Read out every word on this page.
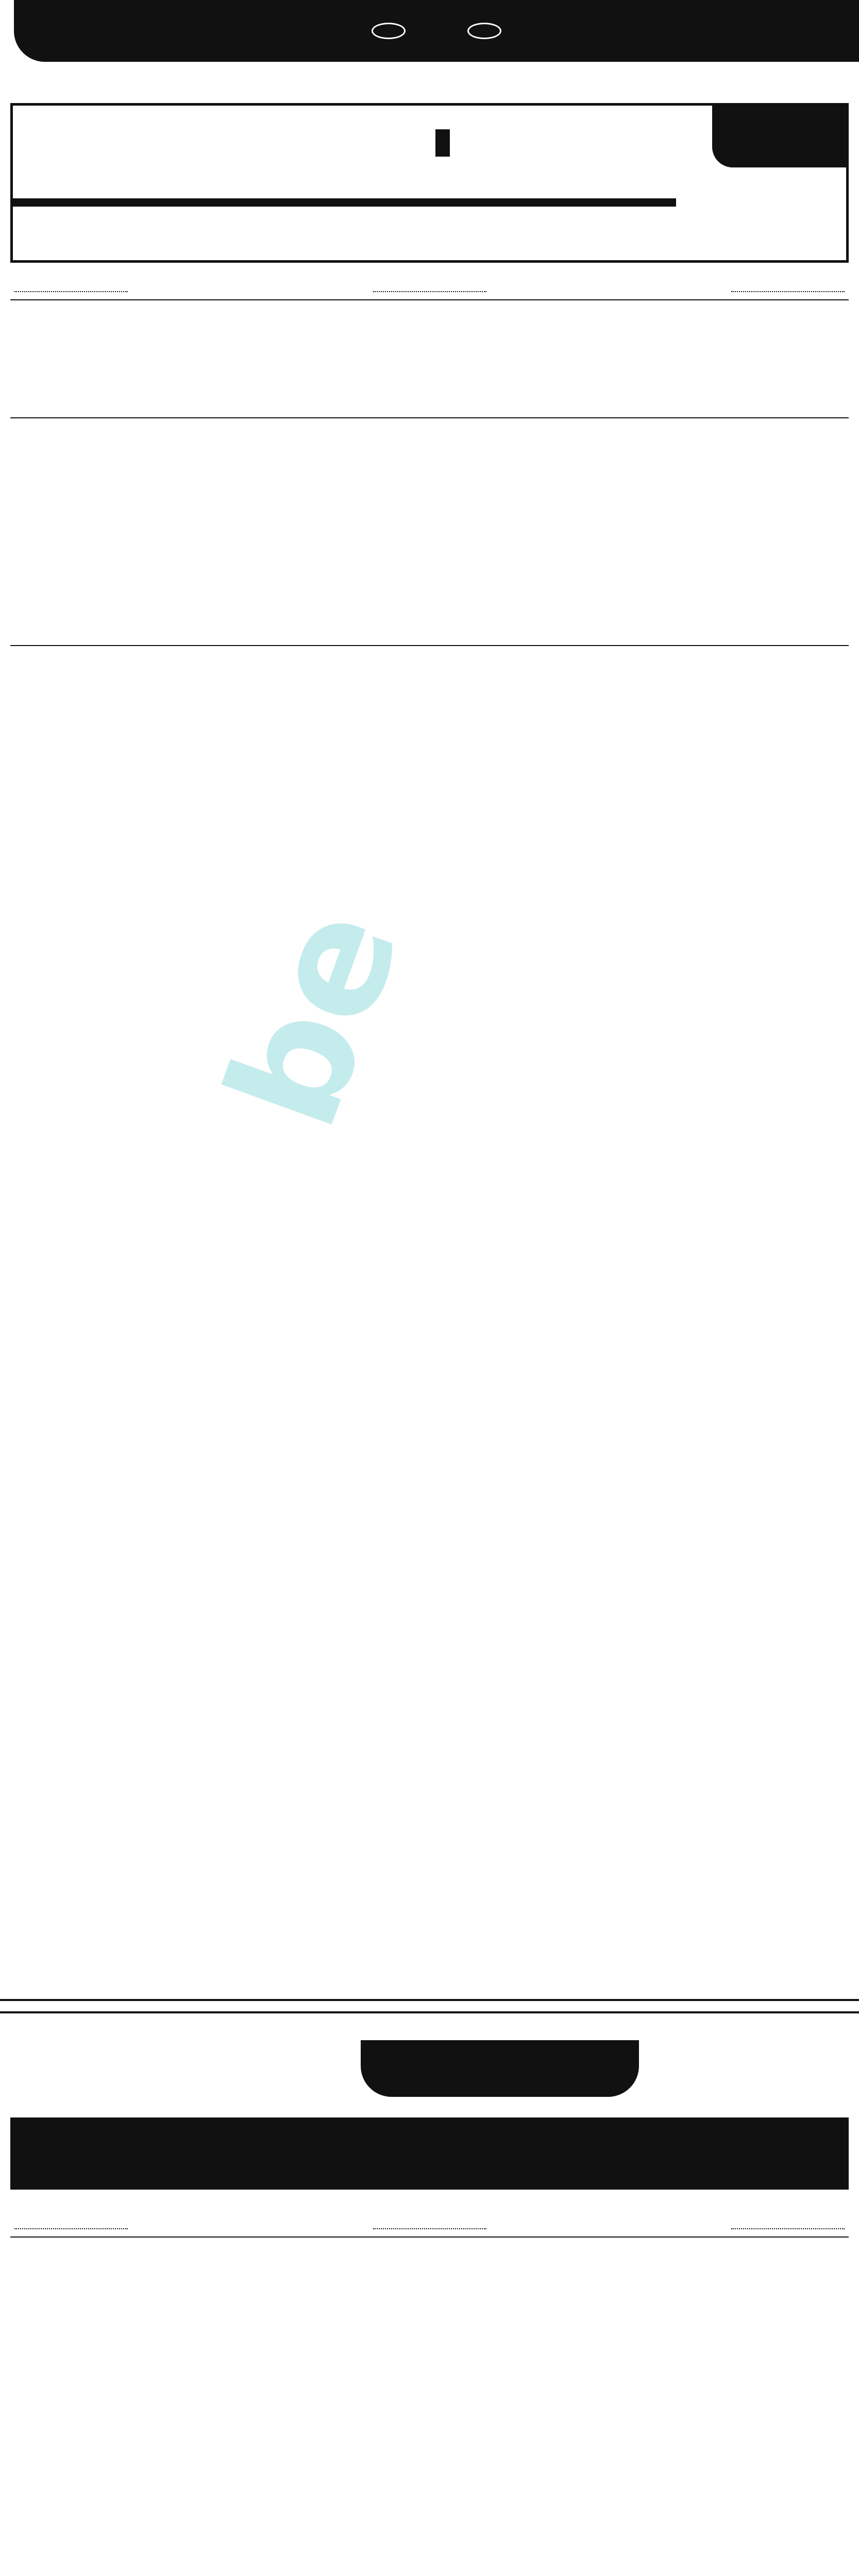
be
